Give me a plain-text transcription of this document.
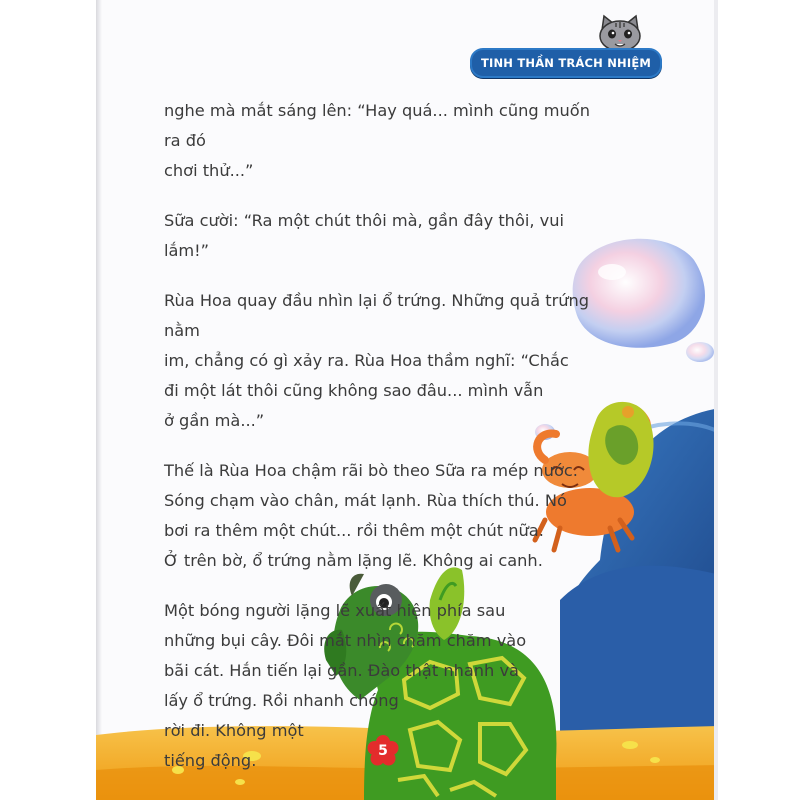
TINH THẦN TRÁCH NHIỆM

nghe mà mắt sáng lên: “Hay quá... mình cũng muốn ra đó
chơi thử...”

Sữa cười: “Ra một chút thôi mà, gần đây thôi, vui lắm!”

Rùa Hoa quay đầu nhìn lại ổ trứng. Những quả trứng nằm
im, chẳng có gì xảy ra. Rùa Hoa thầm nghĩ: “Chắc
đi một lát thôi cũng không sao đâu... mình vẫn
ở gần mà...”

Thế là Rùa Hoa chậm rãi bò theo Sữa ra mép nước.
Sóng chạm vào chân, mát lạnh. Rùa thích thú. Nó
bơi ra thêm một chút... rồi thêm một chút nữa.
Ở trên bờ, ổ trứng nằm lặng lẽ. Không ai canh.

Một bóng người lặng lẽ xuất hiện phía sau
những bụi cây. Đôi mắt nhìn chăm chăm vào
bãi cát. Hắn tiến lại gần. Đào thật nhanh và
lấy ổ trứng. Rồi nhanh chóng
rời đi. Không một
tiếng động.	5
